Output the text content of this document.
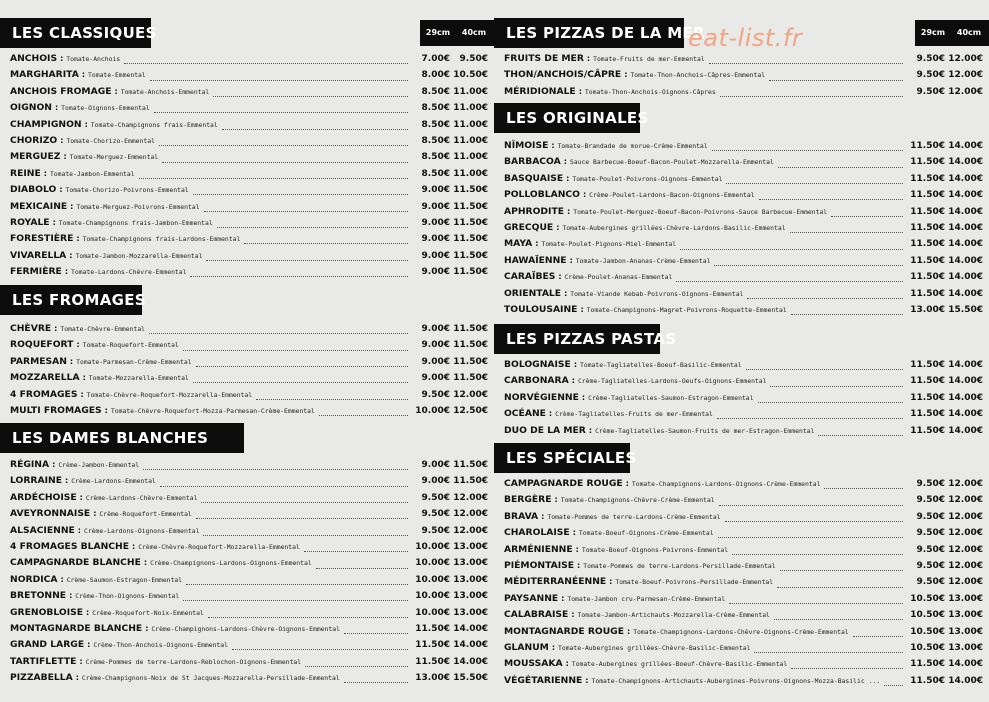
LES CLASSIQUES	29cm 40cm
ANCHOIS : Tomate-Anchois	7.00€	9.50€
MARGHARITA : Tomate-Emmental	8.00€ 10.50€
ANCHOIS FROMAGE : Tomate-Anchois-Emmental	8.50€ 11.00€
OIGNON : Tomate-Oignons-Emmental	8.50€ 11.00€
CHAMPIGNON : Tomate-Champignons frais-Emmental	8.50€ 11.00€
CHORIZO : Tomate-Chorizo-Emmental	8.50€ 11.00€
MERGUEZ : Tomate-Merguez-Emmental	8.50€ 11.00€
REINE : Tomate-Jambon-Emmental	8.50€ 11.00€
DIABOLO : Tomate-Chorizo-Poivrons-Emmental	9.00€ 11.50€
MEXICAINE : Tomate-Merguez-Poivrons-Emmental	9.00€ 11.50€
ROYALE : Tomate-Champignons frais-Jambon-Emmental	9.00€ 11.50€
FORESTIÈRE : Tomate-Champignons frais-Lardons-Emmental	9.00€ 11.50€
VIVARELLA : Tomate-Jambon-Mozzarella-Emmental	9.00€ 11.50€
FERMIÈRE : Tomate-Lardons-Chèvre-Emmental	9.00€ 11.50€
LES FROMAGES
CHÈVRE : Tomate-Chèvre-Emmental	9.00€ 11.50€
ROQUEFORT : Tomate-Roquefort-Emmental	9.00€ 11.50€
PARMESAN : Tomate-Parmesan-Crème-Emmental	9.00€ 11.50€
MOZZARELLA : Tomate-Mozzarella-Emmental	9.00€ 11.50€
4 FROMAGES : Tomate-Chèvre-Roquefort-Mozzarella-Emmental	9.50€ 12.00€
MULTI FROMAGES : Tomate-Chèvre-Roquefort-Mozza-Parmesan-Crème-Emmental	10.00€ 12.50€
LES DAMES BLANCHES
RÉGINA : Crème-Jambon-Emmental	9.00€ 11.50€
LORRAINE : Crème-Lardons-Emmental	9.00€ 11.50€
ARDÉCHOISE : Crème-Lardons-Chèvre-Emmental	9.50€ 12.00€
AVEYRONNAISE : Crème-Roquefort-Emmental	9.50€ 12.00€
ALSACIENNE : Crème-Lardons-Oignons-Emmental	9.50€ 12.00€
4 FROMAGES BLANCHE : Crème-Chèvre-Roquefort-Mozzarella-Emmental	10.00€ 13.00€
CAMPAGNARDE BLANCHE : Crème-Champignons-Lardons-Oignons-Emmental	10.00€ 13.00€
NORDICA : Crème-Saumon-Estragon-Emmental	10.00€ 13.00€
BRETONNE : Crème-Thon-Oignons-Emmental	10.00€ 13.00€
GRENOBLOISE : Crème-Roquefort-Noix-Emmental	10.00€ 13.00€
MONTAGNARDE BLANCHE : Crème-Champignons-Lardons-Chèvre-Oignons-Emmental	11.50€ 14.00€
GRAND LARGE : Crème-Thon-Anchois-Oignons-Emmental	11.50€ 14.00€
TARTIFLETTE : Crème-Pommes de terre-Lardons-Reblochon-Oignons-Emmental	11.50€ 14.00€
PIZZABELLA : Crème-Champignons-Noix de St Jacques-Mozzarella-Persillade-Emmental	13.00€ 15.50€
LES PIZZAS DE LA MER	29cm 40cm
FRUITS DE MER : Tomate-Fruits de mer-Emmental	9.50€ 12.00€
THON/ANCHOIS/CÂPRE : Tomate-Thon-Anchois-Câpres-Emmental	9.50€ 12.00€
MÉRIDIONALE : Tomate-Thon-Anchois-Oignons-Câpres	9.50€ 12.00€
LES ORIGINALES
NÎMOISE : Tomate-Brandade de morue-Crème-Emmental	11.50€ 14.00€
BARBACOA : Sauce Barbecue-Boeuf-Bacon-Poulet-Mozzarella-Emmental	11.50€ 14.00€
BASQUAISE : Tomate-Poulet-Poivrons-Oignons-Emmental	11.50€ 14.00€
POLLOBLANCO : Crème-Poulet-Lardons-Bacon-Oignons-Emmental	11.50€ 14.00€
APHRODITE : Tomate-Poulet-Merguez-Boeuf-Bacon-Poivrons-Sauce Barbecue-Emmental	11.50€ 14.00€
GRECQUE : Tomate-Aubergines grillées-Chèvre-Lardons-Basilic-Emmental	11.50€ 14.00€
MAYA : Tomate-Poulet-Pignons-Miel-Emmental	11.50€ 14.00€
HAWAÏENNE : Tomate-Jambon-Ananas-Crème-Emmental	11.50€ 14.00€
CARAÏBES : Crème-Poulet-Ananas-Emmental	11.50€ 14.00€
ORIENTALE : Tomate-Viande Kebab-Poivrons-Oignons-Emmental	11.50€ 14.00€
TOULOUSAINE : Tomate-Champignons-Magret-Poivrons-Roquette-Emmental	13.00€ 15.50€
LES PIZZAS PASTAS
BOLOGNAISE : Tomate-Tagliatelles-Boeuf-Basilic-Emmental	11.50€ 14.00€
CARBONARA : Crème-Tagliatelles-Lardons-Oeufs-Oignons-Emmental	11.50€ 14.00€
NORVÉGIENNE : Crème-Tagliatelles-Saumon-Estragon-Emmental	11.50€ 14.00€
OCÉANE : Crème-Tagliatelles-Fruits de mer-Emmental	11.50€ 14.00€
DUO DE LA MER : Crème-Tagliatelles-Saumon-Fruits de mer-Estragon-Emmental	11.50€ 14.00€
LES SPÉCIALES
CAMPAGNARDE ROUGE : Tomate-Champignons-Lardons-Oignons-Crème-Emmental	9.50€ 12.00€
BERGÈRE : Tomate-Champignons-Chèvre-Crème-Emmental	9.50€ 12.00€
BRAVA : Tomate-Pommes de terre-Lardons-Crème-Emmental	9.50€ 12.00€
CHAROLAISE : Tomate-Boeuf-Oignons-Crème-Emmental	9.50€ 12.00€
ARMÉNIENNE : Tomate-Boeuf-Oignons-Poivrons-Emmental	9.50€ 12.00€
PIÉMONTAISE : Tomate-Pommes de terre-Lardons-Persillade-Emmental	9.50€ 12.00€
MÉDITERRANÉENNE : Tomate-Boeuf-Poivrons-Persillade-Emmental	9.50€ 12.00€
PAYSANNE : Tomate-Jambon cru-Parmesan-Crème-Emmental	10.50€ 13.00€
CALABRAISE : Tomate-Jambon-Artichauts-Mozzarella-Crème-Emmental	10.50€ 13.00€
MONTAGNARDE ROUGE : Tomate-Champignons-Lardons-Chèvre-Oignons-Crème-Emmental	10.50€ 13.00€
GLANUM : Tomate-Aubergines grillées-Chèvre-Basilic-Emmental	10.50€ 13.00€
MOUSSAKA : Tomate-Aubergines grillées-Boeuf-Chèvre-Basilic-Emmental	11.50€ 14.00€
VÉGÉTARIENNE : Tomate-Champignons-Artichauts-Aubergines-Poivrons-Oignons-Mozza-Basilic ...	11.50€ 14.00€
eat-list.fr
